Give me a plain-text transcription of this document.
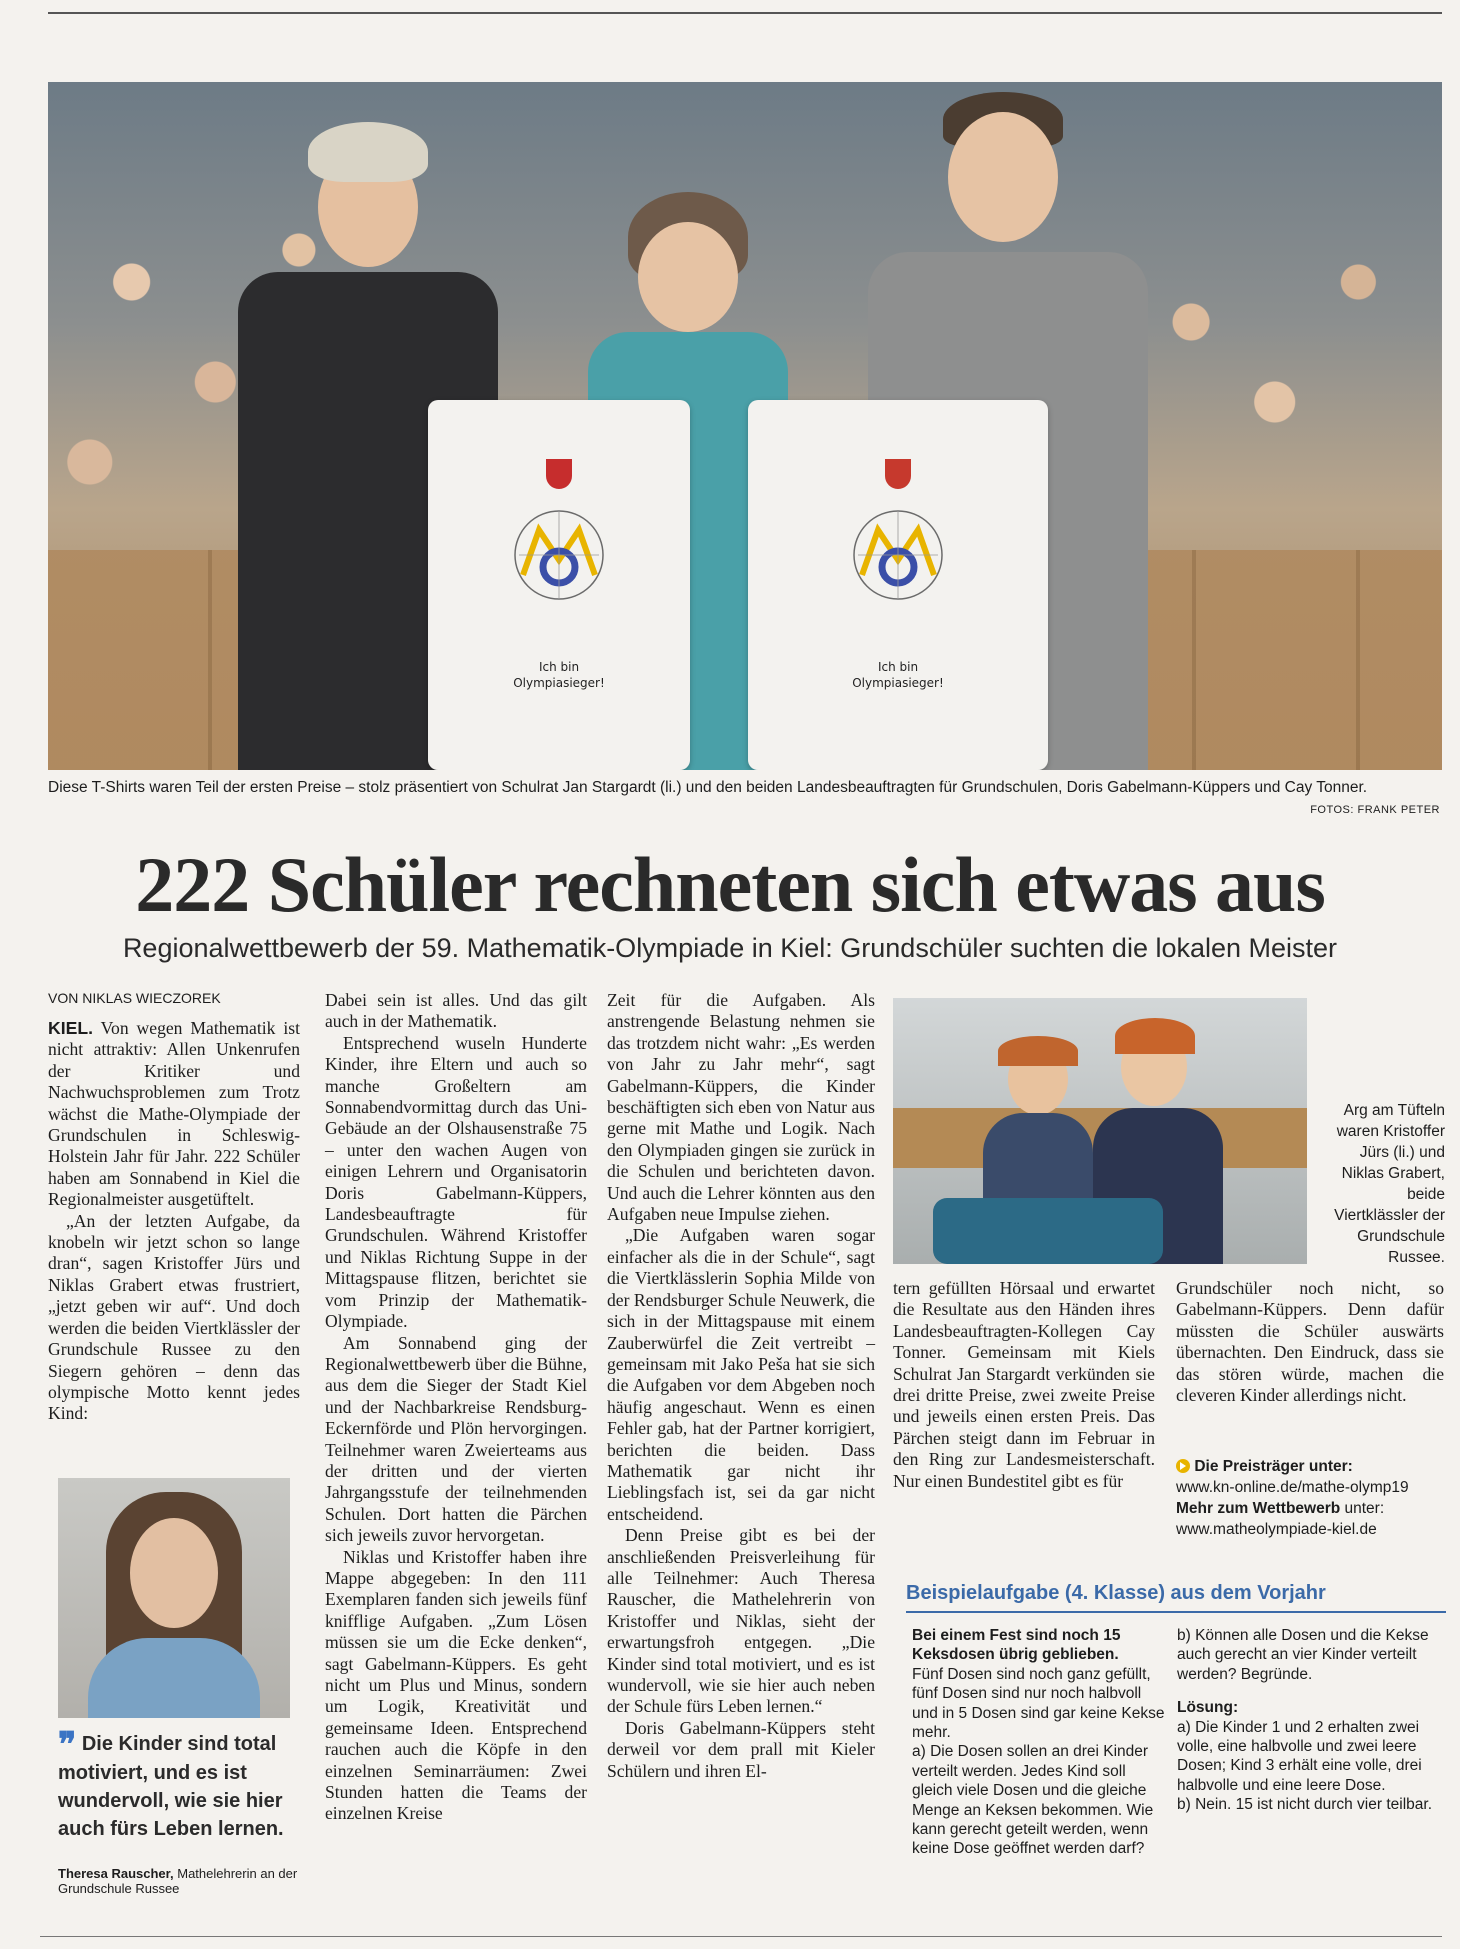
Ich bin
Olympiasieger!
Ich bin
Olympiasieger!
Diese T-Shirts waren Teil der ersten Preise – stolz präsentiert von Schulrat Jan Stargardt (li.) und den beiden Landesbeauftragten für Grundschulen, Doris Gabelmann-Küppers und Cay Tonner.
FOTOS: FRANK PETER
222 Schüler rechneten sich etwas aus
Regionalwettbewerb der 59. Mathematik-Olympiade in Kiel: Grundschüler suchten die lokalen Meister
VON NIKLAS WIECZOREK

KIEL. Von wegen Mathematik ist nicht attraktiv: Allen Unkenrufen der Kritiker und Nachwuchsproblemen zum Trotz wächst die Mathe-Olympiade der Grundschulen in Schleswig-Holstein Jahr für Jahr. 222 Schüler haben am Sonnabend in Kiel die Regionalmeister ausgetüftelt.

„An der letzten Aufgabe, da knobeln wir jetzt schon so lange dran“, sagen Kristoffer Jürs und Niklas Grabert etwas frustriert, „jetzt geben wir auf“. Und doch werden die beiden Viertklässler der Grundschule Russee zu den Siegern gehören – denn das olympische Motto kennt jedes Kind:

❞ Die Kinder sind total motiviert, und es ist wundervoll, wie sie hier auch fürs Leben lernen.
Theresa Rauscher, Mathelehrerin an der Grundschule Russee

Dabei sein ist alles. Und das gilt auch in der Mathematik.

Entsprechend wuseln Hunderte Kinder, ihre Eltern und auch so manche Großeltern am Sonnabendvormittag durch das Uni-Gebäude an der Olshausenstraße 75 – unter den wachen Augen von einigen Lehrern und Organisatorin Doris Gabelmann-Küppers, Landesbeauftragte für Grundschulen. Während Kristoffer und Niklas Richtung Suppe in der Mittagspause flitzen, berichtet sie vom Prinzip der Mathematik-Olympiade.

Am Sonnabend ging der Regionalwettbewerb über die Bühne, aus dem die Sieger der Stadt Kiel und der Nachbarkreise Rendsburg-Eckernförde und Plön hervorgingen. Teilnehmer waren Zweierteams aus der dritten und der vierten Jahrgangsstufe der teilnehmenden Schulen. Dort hatten die Pärchen sich jeweils zuvor hervorgetan.

Niklas und Kristoffer haben ihre Mappe abgegeben: In den 111 Exemplaren fanden sich jeweils fünf knifflige Aufgaben. „Zum Lösen müssen sie um die Ecke denken“, sagt Gabelmann-Küppers. Es geht nicht um Plus und Minus, sondern um Logik, Kreativität und gemeinsame Ideen. Entsprechend rauchen auch die Köpfe in den einzelnen Seminarräumen: Zwei Stunden hatten die Teams der einzelnen Kreise

Zeit für die Aufgaben. Als anstrengende Belastung nehmen sie das trotzdem nicht wahr: „Es werden von Jahr zu Jahr mehr“, sagt Gabelmann-Küppers, die Kinder beschäftigten sich eben von Natur aus gerne mit Mathe und Logik. Nach den Olympiaden gingen sie zurück in die Schulen und berichteten davon. Und auch die Lehrer könnten aus den Aufgaben neue Impulse ziehen.

„Die Aufgaben waren sogar einfacher als die in der Schule“, sagt die Viertklässlerin Sophia Milde von der Rendsburger Schule Neuwerk, die sich in der Mittagspause mit einem Zauberwürfel die Zeit vertreibt – gemeinsam mit Jako Peša hat sie sich die Aufgaben vor dem Abgeben noch häufig angeschaut. Wenn es einen Fehler gab, hat der Partner korrigiert, berichten die beiden. Dass Mathematik gar nicht ihr Lieblingsfach ist, sei da gar nicht entscheidend.

Denn Preise gibt es bei der anschließenden Preisverleihung für alle Teilnehmer: Auch Theresa Rauscher, die Mathelehrerin von Kristoffer und Niklas, sieht der erwartungsfroh entgegen. „Die Kinder sind total motiviert, und es ist wundervoll, wie sie hier auch neben der Schule fürs Leben lernen.“

Doris Gabelmann-Küppers steht derweil vor dem prall mit Kieler Schülern und ihren El-

Arg am Tüfteln waren Kristoffer Jürs (li.) und Niklas Grabert, beide Viertklässler der Grundschule Russee.

tern gefüllten Hörsaal und erwartet die Resultate aus den Händen ihres Landesbeauftragten-Kollegen Cay Tonner. Gemeinsam mit Kiels Schulrat Jan Stargardt verkünden sie drei dritte Preise, zwei zweite Preise und jeweils einen ersten Preis. Das Pärchen steigt dann im Februar in den Ring zur Landesmeisterschaft. Nur einen Bundestitel gibt es für

Grundschüler noch nicht, so Gabelmann-Küppers. Denn dafür müssten die Schüler auswärts übernachten. Den Eindruck, dass sie das stören würde, machen die cleveren Kinder allerdings nicht.

Die Preisträger unter:
www.kn-online.de/mathe-olymp19
Mehr zum Wettbewerb unter:
www.matheolympiade-kiel.de
Beispielaufgabe (4. Klasse) aus dem Vorjahr
Bei einem Fest sind noch 15 Keksdosen übrig geblieben.
Fünf Dosen sind noch ganz gefüllt, fünf Dosen sind nur noch halbvoll und in 5 Dosen sind gar keine Kekse mehr.
a) Die Dosen sollen an drei Kinder verteilt werden. Jedes Kind soll gleich viele Dosen und die gleiche Menge an Keksen bekommen. Wie kann gerecht geteilt werden, wenn keine Dose geöffnet werden darf?
b) Können alle Dosen und die Kekse auch gerecht an vier Kinder verteilt werden? Begründe.
Lösung:
a) Die Kinder 1 und 2 erhalten zwei volle, eine halbvolle und zwei leere Dosen; Kind 3 erhält eine volle, drei halbvolle und eine leere Dose.
b) Nein. 15 ist nicht durch vier teilbar.
